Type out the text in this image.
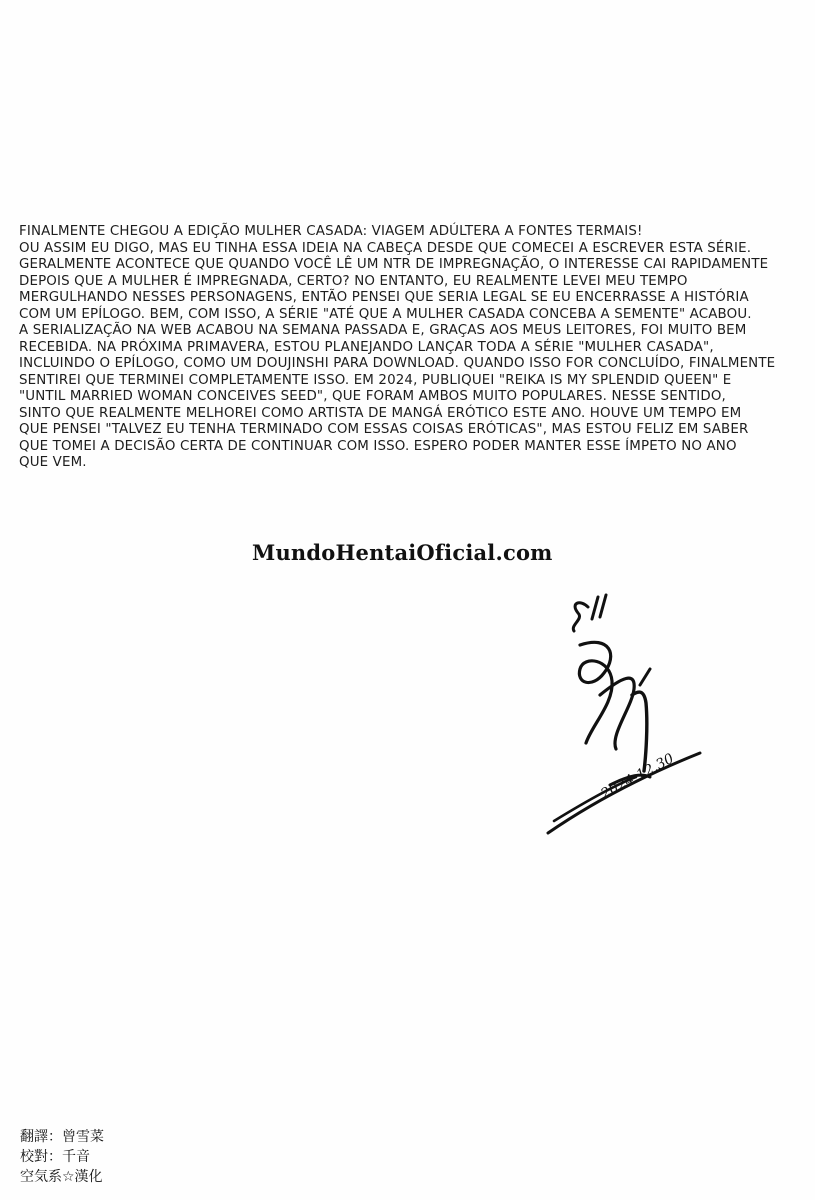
FINALMENTE CHEGOU A EDIÇÃO MULHER CASADA: VIAGEM ADÚLTERA A FONTES TERMAIS!
OU ASSIM EU DIGO, MAS EU TINHA ESSA IDEIA NA CABEÇA DESDE QUE COMECEI A ESCREVER ESTA SÉRIE.
GERALMENTE ACONTECE QUE QUANDO VOCÊ LÊ UM NTR DE IMPREGNAÇÃO, O INTERESSE CAI RAPIDAMENTE
DEPOIS QUE A MULHER É IMPREGNADA, CERTO? NO ENTANTO, EU REALMENTE LEVEI MEU TEMPO
MERGULHANDO NESSES PERSONAGENS, ENTÃO PENSEI QUE SERIA LEGAL SE EU ENCERRASSE A HISTÓRIA
COM UM EPÍLOGO. BEM, COM ISSO, A SÉRIE "ATÉ QUE A MULHER CASADA CONCEBA A SEMENTE" ACABOU.
A SERIALIZAÇÃO NA WEB ACABOU NA SEMANA PASSADA E, GRAÇAS AOS MEUS LEITORES, FOI MUITO BEM
RECEBIDA. NA PRÓXIMA PRIMAVERA, ESTOU PLANEJANDO LANÇAR TODA A SÉRIE "MULHER CASADA",
INCLUINDO O EPÍLOGO, COMO UM DOUJINSHI PARA DOWNLOAD. QUANDO ISSO FOR CONCLUÍDO, FINALMENTE
SENTIREI QUE TERMINEI COMPLETAMENTE ISSO. EM 2024, PUBLIQUEI "REIKA IS MY SPLENDID QUEEN" E
"UNTIL MARRIED WOMAN CONCEIVES SEED", QUE FORAM AMBOS MUITO POPULARES. NESSE SENTIDO,
SINTO QUE REALMENTE MELHOREI COMO ARTISTA DE MANGÁ ERÓTICO ESTE ANO. HOUVE UM TEMPO EM
QUE PENSEI "TALVEZ EU TENHA TERMINADO COM ESSAS COISAS ERÓTICAS", MAS ESTOU FELIZ EM SABER
QUE TOMEI A DECISÃO CERTA DE CONTINUAR COM ISSO. ESPERO PODER MANTER ESSE ÍMPETO NO ANO
QUE VEM.
MundoHentaiOficial.com
2024.12.30
翻譯：曾雪菜
校對：千音
空気系☆漢化
